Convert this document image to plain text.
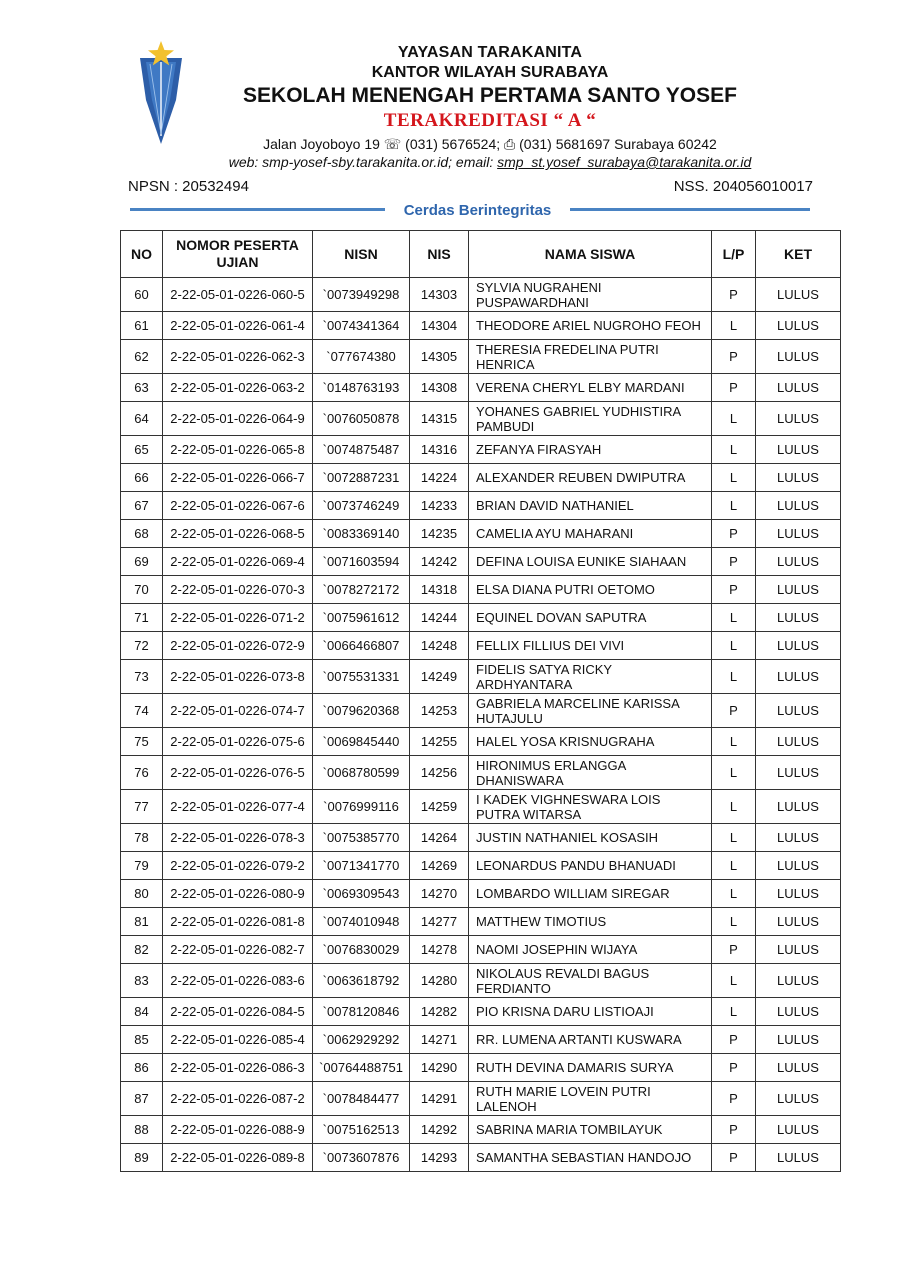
YAYASAN TARAKANITA

KANTOR WILAYAH SURABAYA

SEKOLAH MENENGAH PERTAMA SANTO YOSEF

TERAKREDITASI “ A “

Jalan Joyoboyo 19 ☏ (031) 5676524; ⎙ (031) 5681697 Surabaya 60242

web: smp-yosef-sby.tarakanita.or.id; email: smp_st.yosef_surabaya@tarakanita.or.id

NPSN : 20532494	NSS. 204056010017
Cerdas Berintegritas
NO	NOMOR PESERTA UJIAN	NISN	NIS	NAMA SISWA	L/P	KET
60	2-22-05-01-0226-060-5	`0073949298	14303	SYLVIA NUGRAHENI PUSPAWARDHANI	P	LULUS
61	2-22-05-01-0226-061-4	`0074341364	14304	THEODORE ARIEL NUGROHO FEOH	L	LULUS
62	2-22-05-01-0226-062-3	`077674380	14305	THERESIA FREDELINA PUTRI HENRICA	P	LULUS
63	2-22-05-01-0226-063-2	`0148763193	14308	VERENA CHERYL ELBY MARDANI	P	LULUS
64	2-22-05-01-0226-064-9	`0076050878	14315	YOHANES GABRIEL YUDHISTIRA PAMBUDI	L	LULUS
65	2-22-05-01-0226-065-8	`0074875487	14316	ZEFANYA FIRASYAH	L	LULUS
66	2-22-05-01-0226-066-7	`0072887231	14224	ALEXANDER REUBEN DWIPUTRA	L	LULUS
67	2-22-05-01-0226-067-6	`0073746249	14233	BRIAN DAVID NATHANIEL	L	LULUS
68	2-22-05-01-0226-068-5	`0083369140	14235	CAMELIA AYU MAHARANI	P	LULUS
69	2-22-05-01-0226-069-4	`0071603594	14242	DEFINA LOUISA EUNIKE SIAHAAN	P	LULUS
70	2-22-05-01-0226-070-3	`0078272172	14318	ELSA DIANA PUTRI OETOMO	P	LULUS
71	2-22-05-01-0226-071-2	`0075961612	14244	EQUINEL DOVAN SAPUTRA	L	LULUS
72	2-22-05-01-0226-072-9	`0066466807	14248	FELLIX FILLIUS DEI VIVI	L	LULUS
73	2-22-05-01-0226-073-8	`0075531331	14249	FIDELIS SATYA RICKY ARDHYANTARA	L	LULUS
74	2-22-05-01-0226-074-7	`0079620368	14253	GABRIELA MARCELINE KARISSA HUTAJULU	P	LULUS
75	2-22-05-01-0226-075-6	`0069845440	14255	HALEL YOSA KRISNUGRAHA	L	LULUS
76	2-22-05-01-0226-076-5	`0068780599	14256	HIRONIMUS ERLANGGA DHANISWARA	L	LULUS
77	2-22-05-01-0226-077-4	`0076999116	14259	I KADEK VIGHNESWARA LOIS PUTRA WITARSA	L	LULUS
78	2-22-05-01-0226-078-3	`0075385770	14264	JUSTIN NATHANIEL KOSASIH	L	LULUS
79	2-22-05-01-0226-079-2	`0071341770	14269	LEONARDUS PANDU BHANUADI	L	LULUS
80	2-22-05-01-0226-080-9	`0069309543	14270	LOMBARDO WILLIAM SIREGAR	L	LULUS
81	2-22-05-01-0226-081-8	`0074010948	14277	MATTHEW TIMOTIUS	L	LULUS
82	2-22-05-01-0226-082-7	`0076830029	14278	NAOMI JOSEPHIN WIJAYA	P	LULUS
83	2-22-05-01-0226-083-6	`0063618792	14280	NIKOLAUS REVALDI BAGUS FERDIANTO	L	LULUS
84	2-22-05-01-0226-084-5	`0078120846	14282	PIO KRISNA DARU LISTIOAJI	L	LULUS
85	2-22-05-01-0226-085-4	`0062929292	14271	RR. LUMENA ARTANTI KUSWARA	P	LULUS
86	2-22-05-01-0226-086-3	`00764488751	14290	RUTH DEVINA DAMARIS SURYA	P	LULUS
87	2-22-05-01-0226-087-2	`0078484477	14291	RUTH MARIE LOVEIN PUTRI LALENOH	P	LULUS
88	2-22-05-01-0226-088-9	`0075162513	14292	SABRINA MARIA TOMBILAYUK	P	LULUS
89	2-22-05-01-0226-089-8	`0073607876	14293	SAMANTHA SEBASTIAN HANDOJO	P	LULUS
